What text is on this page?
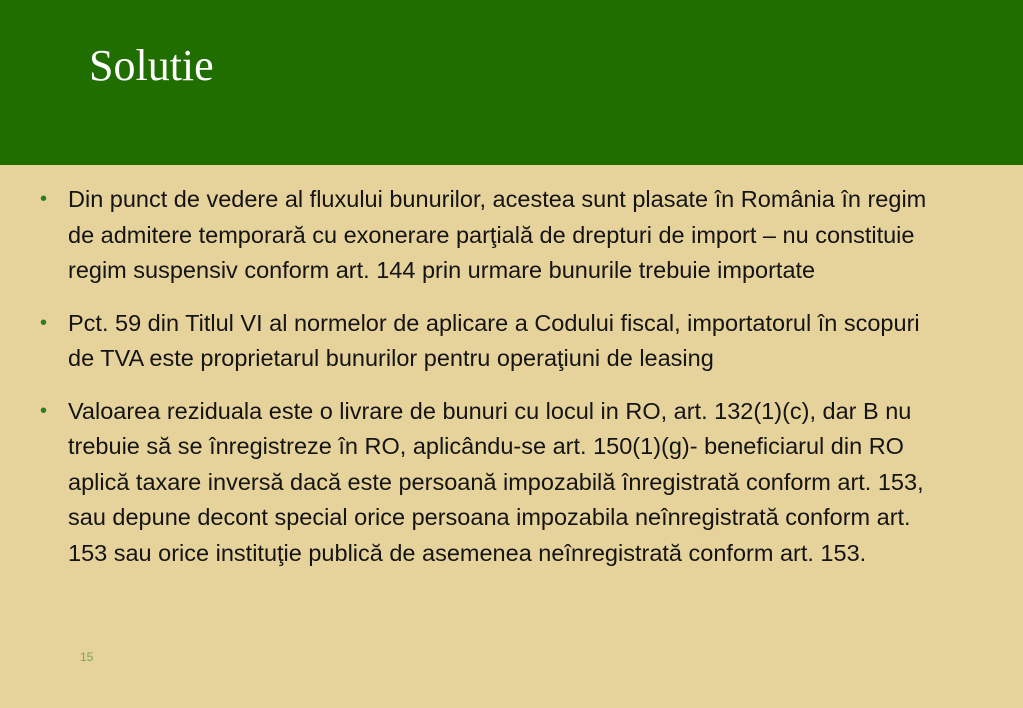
Solutie
• Din punct de vedere al fluxului bunurilor, acestea sunt plasate în România în regim de admitere temporară cu exonerare parţială de drepturi de import – nu constituie regim suspensiv conform art. 144 prin urmare bunurile trebuie importate
• Pct. 59 din Titlul VI al normelor de aplicare a Codului fiscal, importatorul în scopuri de TVA este proprietarul bunurilor pentru operaţiuni de leasing
• Valoarea reziduala este o livrare de bunuri cu locul in RO, art. 132(1)(c), dar B nu trebuie să se înregistreze în RO, aplicându-se art. 150(1)(g)- beneficiarul din RO aplică taxare inversă dacă este persoană impozabilă înregistrată conform art. 153, sau depune decont special orice persoana impozabila neînregistrată conform art. 153 sau orice instituţie publică de asemenea neînregistrată conform art. 153.
15
